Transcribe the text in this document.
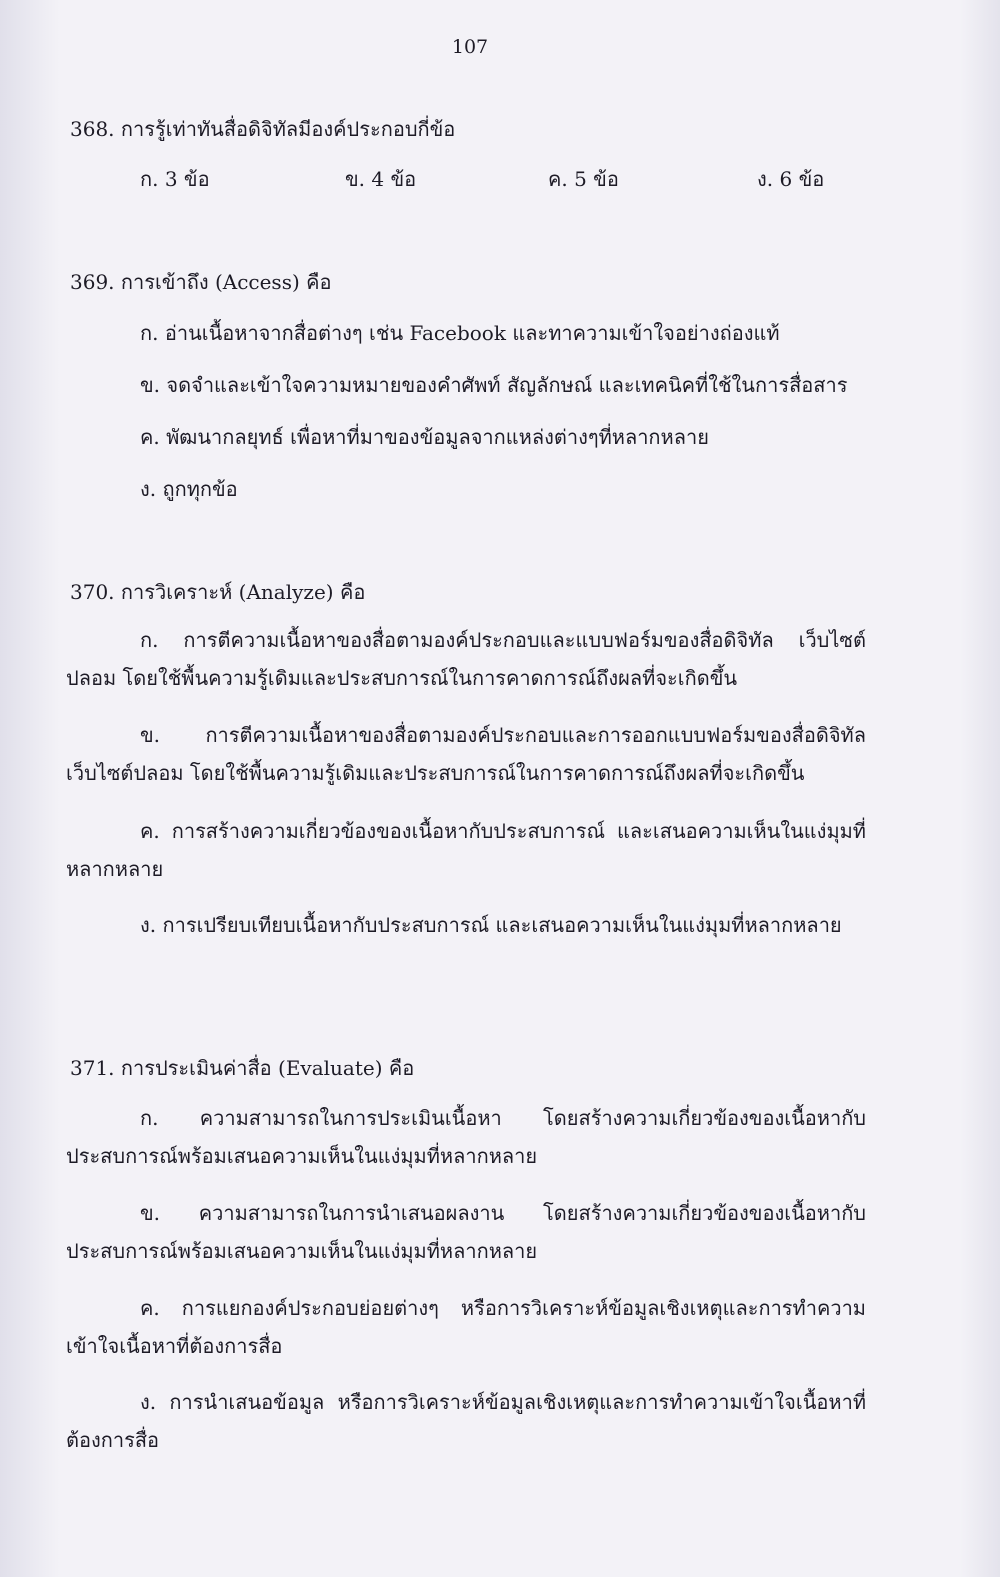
107
368. การรู้เท่าทันสื่อดิจิทัลมีองค์ประกอบกี่ข้อ
ก. 3 ข้อ	ข. 4 ข้อ	ค. 5 ข้อ	ง. 6 ข้อ
369. การเข้าถึง (Access) คือ
ก. อ่านเนื้อหาจากสื่อต่างๆ เช่น Facebook และทาความเข้าใจอย่างถ่องแท้
ข. จดจำและเข้าใจความหมายของคำศัพท์ สัญลักษณ์ และเทคนิคที่ใช้ในการสื่อสาร
ค. พัฒนากลยุทธ์ เพื่อหาที่มาของข้อมูลจากแหล่งต่างๆที่หลากหลาย
ง. ถูกทุกข้อ
370. การวิเคราะห์ (Analyze) คือ
ก. การตีความเนื้อหาของสื่อตามองค์ประกอบและแบบฟอร์มของสื่อดิจิทัล เว็บไซต์ปลอม โดยใช้พื้นความรู้เดิมและประสบการณ์ในการคาดการณ์ถึงผลที่จะเกิดขึ้น
ข. การตีความเนื้อหาของสื่อตามองค์ประกอบและการออกแบบฟอร์มของสื่อดิจิทัล เว็บไซต์ปลอม โดยใช้พื้นความรู้เดิมและประสบการณ์ในการคาดการณ์ถึงผลที่จะเกิดขึ้น
ค. การสร้างความเกี่ยวข้องของเนื้อหากับประสบการณ์ และเสนอความเห็นในแง่มุมที่หลากหลาย
ง. การเปรียบเทียบเนื้อหากับประสบการณ์ และเสนอความเห็นในแง่มุมที่หลากหลาย
371. การประเมินค่าสื่อ (Evaluate) คือ
ก. ความสามารถในการประเมินเนื้อหา โดยสร้างความเกี่ยวข้องของเนื้อหากับประสบการณ์พร้อมเสนอความเห็นในแง่มุมที่หลากหลาย
ข. ความสามารถในการนำเสนอผลงาน โดยสร้างความเกี่ยวข้องของเนื้อหากับประสบการณ์พร้อมเสนอความเห็นในแง่มุมที่หลากหลาย
ค. การแยกองค์ประกอบย่อยต่างๆ หรือการวิเคราะห์ข้อมูลเชิงเหตุและการทำความเข้าใจเนื้อหาที่ต้องการสื่อ
ง. การนำเสนอข้อมูล หรือการวิเคราะห์ข้อมูลเชิงเหตุและการทำความเข้าใจเนื้อหาที่ต้องการสื่อ
